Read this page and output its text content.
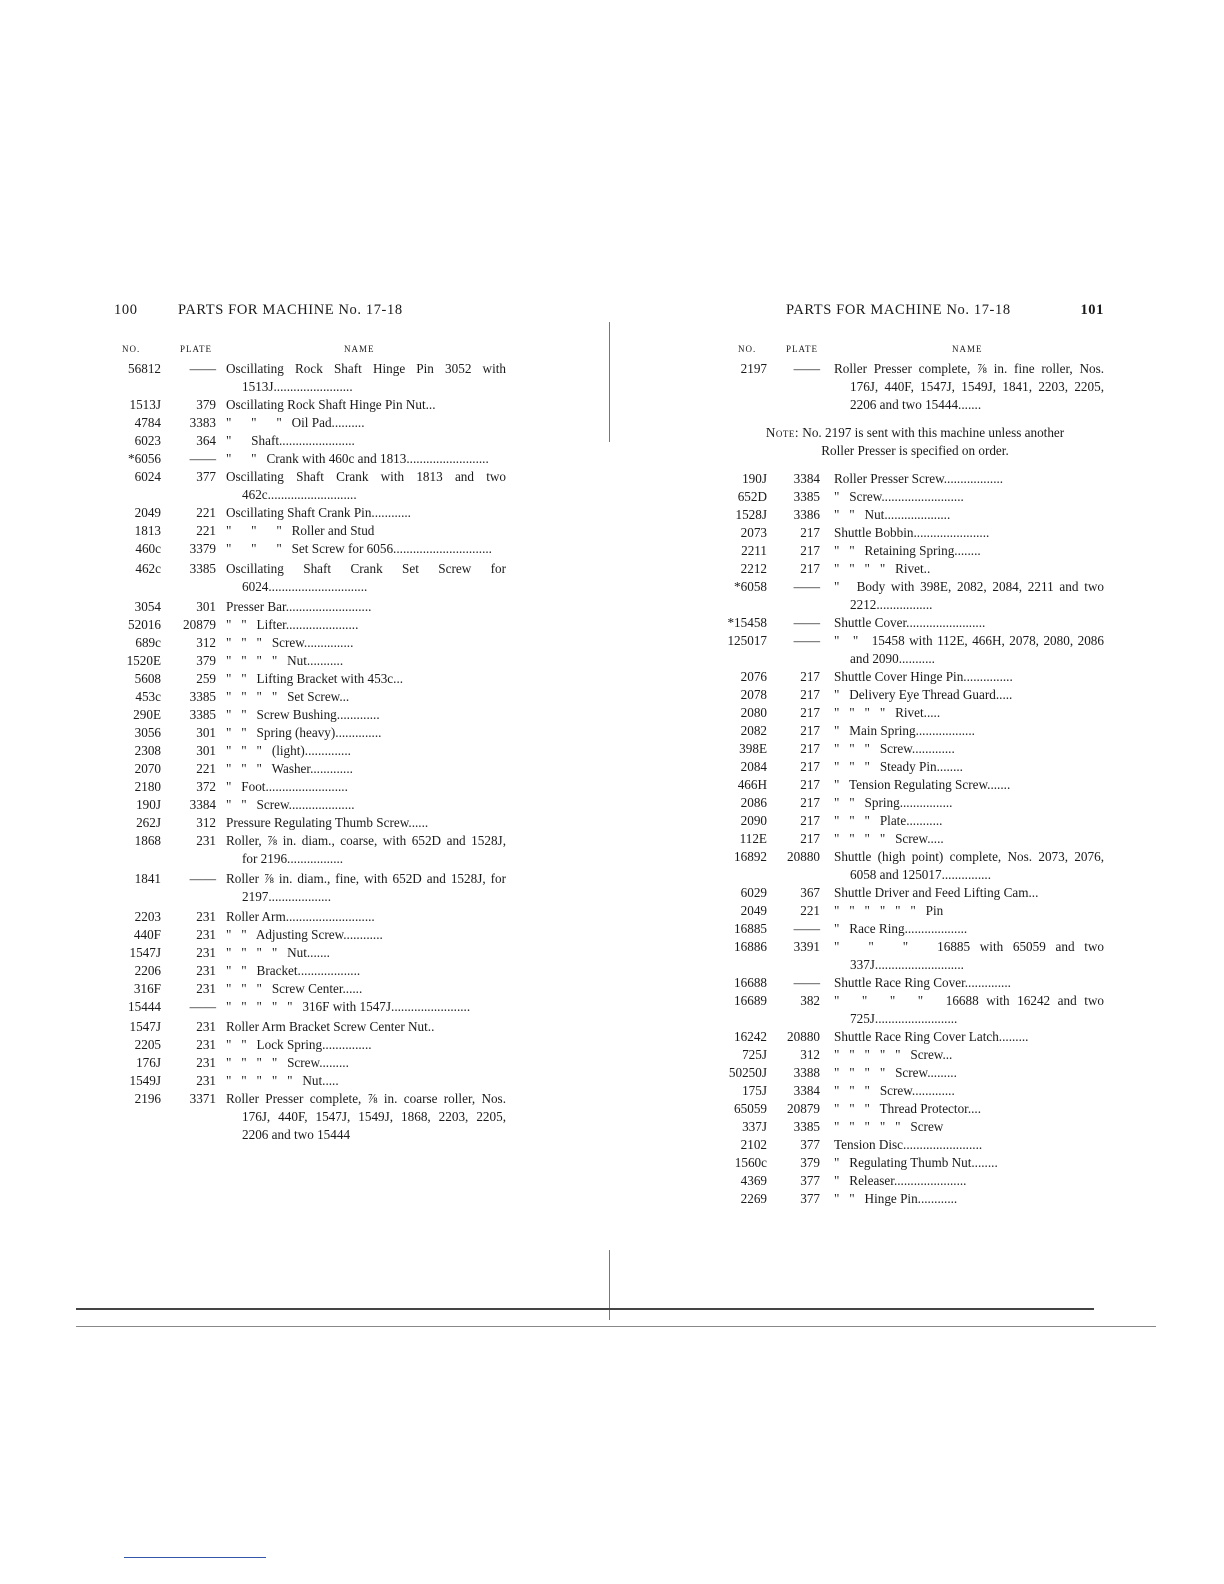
100	PARTS FOR MACHINE No. 17-18
NO.	PLATE	NAME
56812	—— Oscillating Rock Shaft Hinge Pin 3052 with 1513J........................
1513J	379 Oscillating Rock Shaft Hinge Pin Nut...
4784	3383 "      "      "   Oil Pad..........
6023	364 "      Shaft.......................
*6056	—— "      "   Crank with 460c and 1813.........................
6024	377 Oscillating Shaft Crank with 1813 and two 462c...........................
2049	221 Oscillating Shaft Crank Pin............
1813	221 "      "      "   Roller and Stud
460c	3379 "      "      "   Set Screw for 6056..............................
462c	3385 Oscillating Shaft Crank Set Screw for 6024..............................
3054	301 Presser Bar..........................
52016	20879 "   "   Lifter......................
689c	312 "   "   "   Screw...............
1520E	379 "   "   "   "   Nut...........
5608	259 "   "   Lifting Bracket with 453c...
453c	3385 "   "   "   "   Set Screw...
290E	3385 "   "   Screw Bushing.............
3056	301 "   "   Spring (heavy)..............
2308	301 "   "   "   (light)..............
2070	221 "   "   "   Washer.............
2180	372 "   Foot.........................
190J	3384 "   "   Screw....................
262J	312 Pressure Regulating Thumb Screw......
1868	231 Roller, ⅞ in. diam., coarse, with 652D and 1528J, for 2196.................
1841	—— Roller ⅞ in. diam., fine, with 652D and 1528J, for 2197...................
2203	231 Roller Arm...........................
440F	231 "   "   Adjusting Screw............
1547J	231 "   "   "   "   Nut.......
2206	231 "   "   Bracket...................
316F	231 "   "   "   Screw Center......
15444	—— "   "   "   "   "   316F with 1547J........................
1547J	231 Roller Arm Bracket Screw Center Nut..
2205	231 "   "   Lock Spring...............
176J	231 "   "   "   "   Screw.........
1549J	231 "   "   "   "   "   Nut.....
2196	3371 Roller Presser complete, ⅞ in. coarse roller, Nos. 176J, 440F, 1547J, 1549J, 1868, 2203, 2205, 2206 and two 15444
PARTS FOR MACHINE No. 17-18	101
NO.	PLATE	NAME
2197	—— Roller Presser complete, ⅞ in. fine roller, Nos. 176J, 440F, 1547J, 1549J, 1841, 2203, 2205, 2206 and two 15444.......
Note: No. 2197 is sent with this machine unless another Roller Presser is specified on order.
190J	3384 Roller Presser Screw..................
652D	3385 "   Screw.........................
1528J	3386 "   "   Nut....................
2073	217 Shuttle Bobbin.......................
2211	217 "   "   Retaining Spring........
2212	217 "   "   "   "   Rivet..
*6058	—— "   Body with 398E, 2082, 2084, 2211 and two 2212.................
*15458	—— Shuttle Cover........................
125017	—— "   "   15458 with 112E, 466H, 2078, 2080, 2086 and 2090...........
2076	217 Shuttle Cover Hinge Pin...............
2078	217 "   Delivery Eye Thread Guard.....
2080	217 "   "   "   "   Rivet.....
2082	217 "   Main Spring..................
398E	217 "   "   "   Screw.............
2084	217 "   "   "   Steady Pin........
466H	217 "   Tension Regulating Screw.......
2086	217 "   "   Spring................
2090	217 "   "   "   Plate...........
112E	217 "   "   "   "   Screw.....
16892	20880 Shuttle (high point) complete, Nos. 2073, 2076, 6058 and 125017...............
6029	367 Shuttle Driver and Feed Lifting Cam...
2049	221 "   "   "   "   "   "   Pin
16885	—— "   Race Ring...................
16886	3391 "   "   "   16885 with 65059 and two 337J...........................
16688	—— Shuttle Race Ring Cover..............
16689	382 "   "   "   "   16688 with 16242 and two 725J.........................
16242	20880 Shuttle Race Ring Cover Latch.........
725J	312 "   "   "   "   "   Screw...
50250J	3388 "   "   "   "   Screw.........
175J	3384 "   "   "   Screw.............
65059	20879 "   "   "   Thread Protector....
337J	3385 "   "   "   "   "   Screw
2102	377 Tension Disc........................
1560c	379 "   Regulating Thumb Nut........
4369	377 "   Releaser......................
2269	377 "   "   Hinge Pin............
